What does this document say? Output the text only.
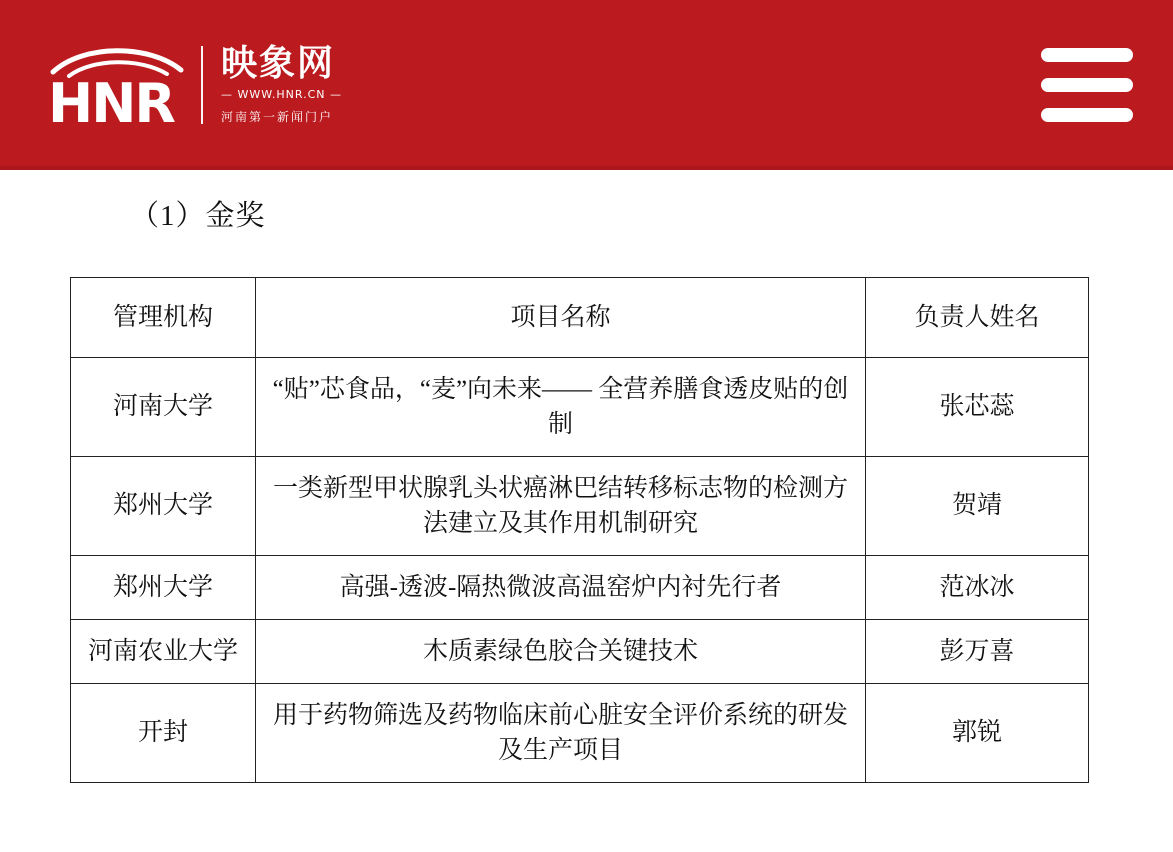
HNR
映象网
— WWW.HNR.CN —
河南第一新闻门户
（1）金奖
管理机构	项目名称	负责人姓名
河南大学	“贴”芯食品，“麦”向未来—— 全营养膳食透皮贴的创制	张芯蕊
郑州大学	一类新型甲状腺乳头状癌淋巴结转移标志物的检测方法建立及其作用机制研究	贺靖
郑州大学	高强-透波-隔热微波高温窑炉内衬先行者	范冰冰
河南农业大学	木质素绿色胶合关键技术	彭万喜
开封	用于药物筛选及药物临床前心脏安全评价系统的研发及生产项目	郭锐
